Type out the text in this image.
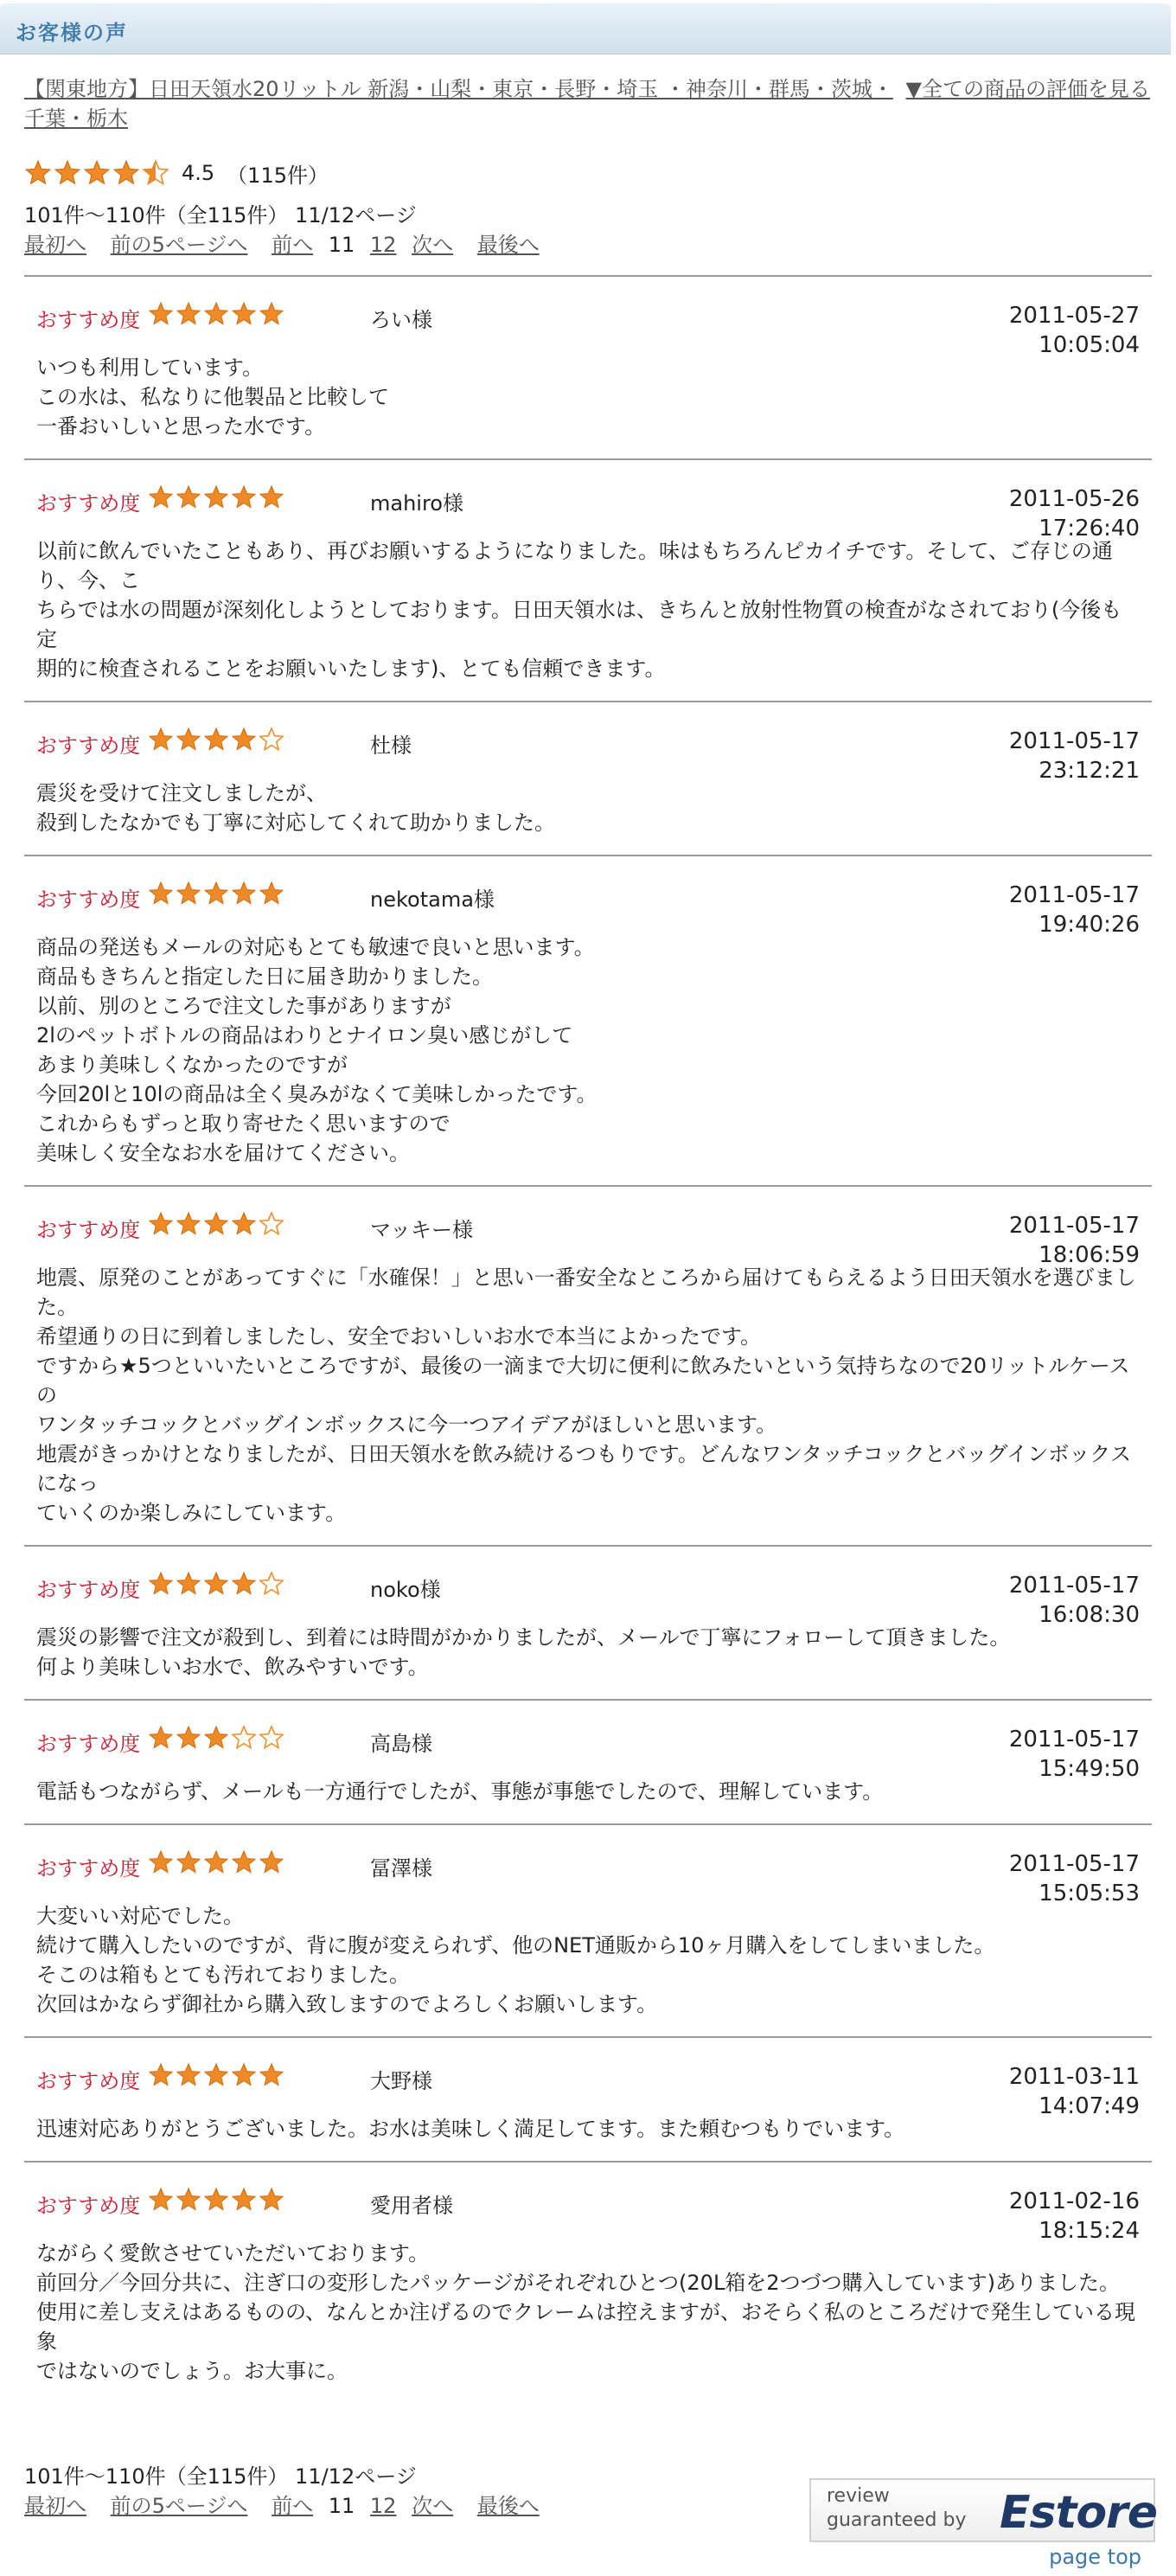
お客様の声
【関東地方】日田天領水20リットル 新潟・山梨・東京・長野・埼玉 ・神奈川・群馬・茨城・千葉・栃木
▼全ての商品の評価を見る
4.5 （115件）
101件～110件（全115件） 11/12ページ
最初へ 前の5ページへ 前へ 11 12 次へ 最後へ
おすすめ度	ろい様	2011-05-27
10:05:04
いつも利用しています。
この水は、私なりに他製品と比較して
一番おいしいと思った水です。
おすすめ度	mahiro様	2011-05-26
17:26:40
以前に飲んでいたこともあり、再びお願いするようになりました。味はもちろんピカイチです。そして、ご存じの通り、今、こ
ちらでは水の問題が深刻化しようとしております。日田天領水は、きちんと放射性物質の検査がなされており(今後も定
期的に検査されることをお願いいたします)、とても信頼できます。
おすすめ度	杜様	2011-05-17
23:12:21
震災を受けて注文しましたが、
殺到したなかでも丁寧に対応してくれて助かりました。
おすすめ度	nekotama様	2011-05-17
19:40:26
商品の発送もメールの対応もとても敏速で良いと思います。
商品もきちんと指定した日に届き助かりました。
以前、別のところで注文した事がありますが
2lのペットボトルの商品はわりとナイロン臭い感じがして
あまり美味しくなかったのですが
今回20lと10lの商品は全く臭みがなくて美味しかったです。
これからもずっと取り寄せたく思いますので
美味しく安全なお水を届けてください。
おすすめ度	マッキー様	2011-05-17
18:06:59
地震、原発のことがあってすぐに「水確保！」と思い一番安全なところから届けてもらえるよう日田天領水を選びました。
希望通りの日に到着しましたし、安全でおいしいお水で本当によかったです。
ですから★5つといいたいところですが、最後の一滴まで大切に便利に飲みたいという気持ちなので20リットルケースの
ワンタッチコックとバッグインボックスに今一つアイデアがほしいと思います。
地震がきっかけとなりましたが、日田天領水を飲み続けるつもりです。どんなワンタッチコックとバッグインボックスになっ
ていくのか楽しみにしています。
おすすめ度	noko様	2011-05-17
16:08:30
震災の影響で注文が殺到し、到着には時間がかかりましたが、メールで丁寧にフォローして頂きました。
何より美味しいお水で、飲みやすいです。
おすすめ度	高島様	2011-05-17
15:49:50
電話もつながらず、メールも一方通行でしたが、事態が事態でしたので、理解しています。
おすすめ度	冨澤様	2011-05-17
15:05:53
大変いい対応でした。
続けて購入したいのですが、背に腹が変えられず、他のNET通販から10ヶ月購入をしてしまいました。
そこのは箱もとても汚れておりました。
次回はかならず御社から購入致しますのでよろしくお願いします。
おすすめ度	大野様	2011-03-11
14:07:49
迅速対応ありがとうございました。お水は美味しく満足してます。また頼むつもりでいます。
おすすめ度	愛用者様	2011-02-16
18:15:24
ながらく愛飲させていただいております。
前回分／今回分共に、注ぎ口の変形したパッケージがそれぞれひとつ(20L箱を2つづつ購入しています)ありました。
使用に差し支えはあるものの、なんとか注げるのでクレームは控えますが、おそらく私のところだけで発生している現象
ではないのでしょう。お大事に。
101件～110件（全115件） 11/12ページ
最初へ 前の5ページへ 前へ 11 12 次へ 最後へ	review
guaranteed by Estore
page top
